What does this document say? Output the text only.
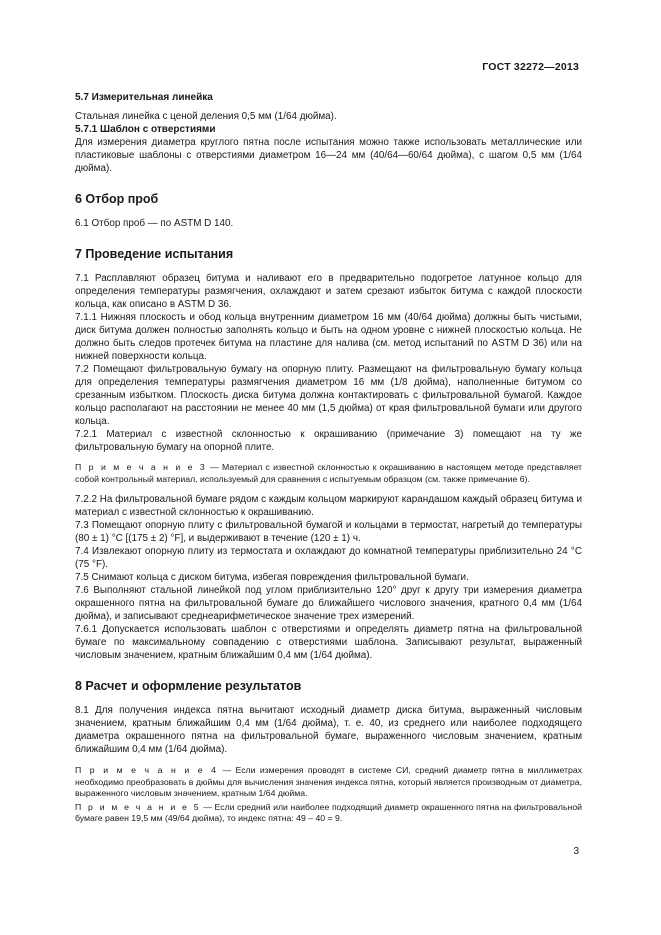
ГОСТ 32272—2013

5.7 Измерительная линейка

Стальная линейка с ценой деления 0,5 мм (1/64 дюйма).

5.7.1 Шаблон с отверстиями

Для измерения диаметра круглого пятна после испытания можно также использовать металлические или пластиковые шаблоны с отверстиями диаметром 16—24 мм (40/64—60/64 дюйма), с шагом 0,5 мм (1/64 дюйма).

6 Отбор проб

6.1 Отбор проб — по ASTM D 140.

7 Проведение испытания

7.1 Расплавляют образец битума и наливают его в предварительно подогретое латунное кольцо для определения температуры размягчения, охлаждают и затем срезают избыток битума с каждой плоскости кольца, как описано в ASTM D 36.

7.1.1 Нижняя плоскость и обод кольца внутренним диаметром 16 мм (40/64 дюйма) должны быть чистыми, диск битума должен полностью заполнять кольцо и быть на одном уровне с нижней плоскостью кольца. Не должно быть следов протечек битума на пластине для налива (см. метод испытаний по ASTM D 36) или на нижней поверхности кольца.

7.2 Помещают фильтровальную бумагу на опорную плиту. Размещают на фильтровальную бумагу кольца для определения температуры размягчения диаметром 16 мм (1/8 дюйма), наполненные битумом со срезанным избытком. Плоскость диска битума должна контактировать с фильтровальной бумагой. Каждое кольцо располагают на расстоянии не менее 40 мм (1,5 дюйма) от края фильтровальной бумаги или другого кольца.

7.2.1 Материал с известной склонностью к окрашиванию (примечание 3) помещают на ту же фильтровальную бумагу на опорной плите.

П р и м е ч а н и е 3 — Материал с известной склонностью к окрашиванию в настоящем методе представляет собой контрольный материал, используемый для сравнения с испытуемым образцом (см. также примечание 6).

7.2.2 На фильтровальной бумаге рядом с каждым кольцом маркируют карандашом каждый образец битума и материал с известной склонностью к окрашиванию.

7.3 Помещают опорную плиту с фильтровальной бумагой и кольцами в термостат, нагретый до температуры (80 ± 1) °С [(175 ± 2) °F], и выдерживают в течение (120 ± 1) ч.

7.4 Извлекают опорную плиту из термостата и охлаждают до комнатной температуры приблизительно 24 °С (75 °F).

7.5 Снимают кольца с диском битума, избегая повреждения фильтровальной бумаги.

7.6 Выполняют стальной линейкой под углом приблизительно 120° друг к другу три измерения диаметра окрашенного пятна на фильтровальной бумаге до ближайшего числового значения, кратного 0,4 мм (1/64 дюйма), и записывают среднеарифметическое значение трех измерений.

7.6.1 Допускается использовать шаблон с отверстиями и определять диаметр пятна на фильтровальной бумаге по максимальному совпадению с отверстиями шаблона. Записывают результат, выраженный числовым значением, кратным ближайшим 0,4 мм (1/64 дюйма).

8 Расчет и оформление результатов

8.1 Для получения индекса пятна вычитают исходный диаметр диска битума, выраженный числовым значением, кратным ближайшим 0,4 мм (1/64 дюйма), т. е. 40, из среднего или наиболее подходящего диаметра окрашенного пятна на фильтровальной бумаге, выраженного числовым значением, кратным ближайшим 0,4 мм (1/64 дюйма).

П р и м е ч а н и е 4 — Если измерения проводят в системе СИ, средний диаметр пятна в миллиметрах необходимо преобразовать в дюймы для вычисления значения индекса пятна, который является производным от диаметра, выраженного числовым значением, кратным 1/64 дюйма.

П р и м е ч а н и е 5 — Если средний или наиболее подходящий диаметр окрашенного пятна на фильтровальной бумаге равен 19,5 мм (49/64 дюйма), то индекс пятна: 49 – 40 = 9.

3
